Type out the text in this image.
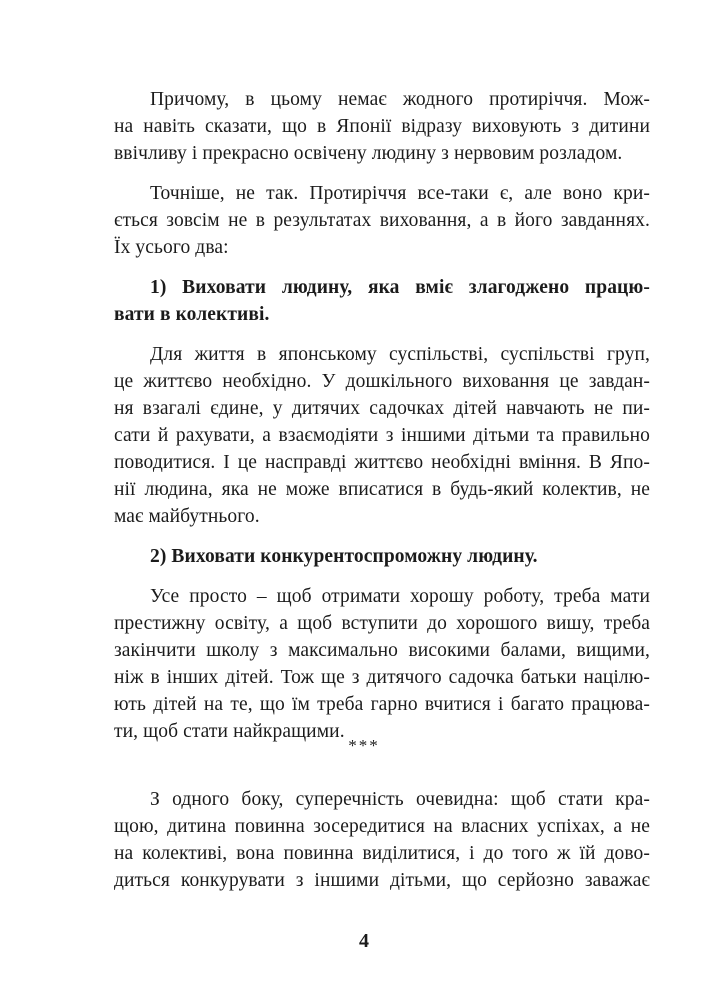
Причому, в цьому немає жодного протиріччя. Мож-
на навіть сказати, що в Японії відразу виховують з дитини
ввічливу і прекрасно освічену людину з нервовим розладом.
Точніше, не так. Протиріччя все-таки є, але воно кри-
ється зовсім не в результатах виховання, а в його завданнях.
Їх усього два:
1) Виховати людину, яка вміє злагоджено працю-
вати в колективі.
Для життя в японському суспільстві, суспільстві груп,
це життєво необхідно. У дошкільного виховання це завдан-
ня взагалі єдине, у дитячих садочках дітей навчають не пи-
сати й рахувати, а взаємодіяти з іншими дітьми та правильно
поводитися. І це насправді життєво необхідні вміння. В Япо-
нії людина, яка не може вписатися в будь-який колектив, не
має майбутнього.
2) Виховати конкурентоспроможну людину.
Усе просто – щоб отримати хорошу роботу, треба мати
престижну освіту, а щоб вступити до хорошого вишу, треба
закінчити школу з максимально високими балами, вищими,
ніж в інших дітей. Тож ще з дитячого садочка батьки націлю-
ють дітей на те, що їм треба гарно вчитися і багато працюва-
ти, щоб стати найкращими.
***
З одного боку, суперечність очевидна: щоб стати кра-
щою, дитина повинна зосередитися на власних успіхах, а не
на колективі, вона повинна виділитися, і до того ж їй дово-
диться конкурувати з іншими дітьми, що серйозно заважає
4
